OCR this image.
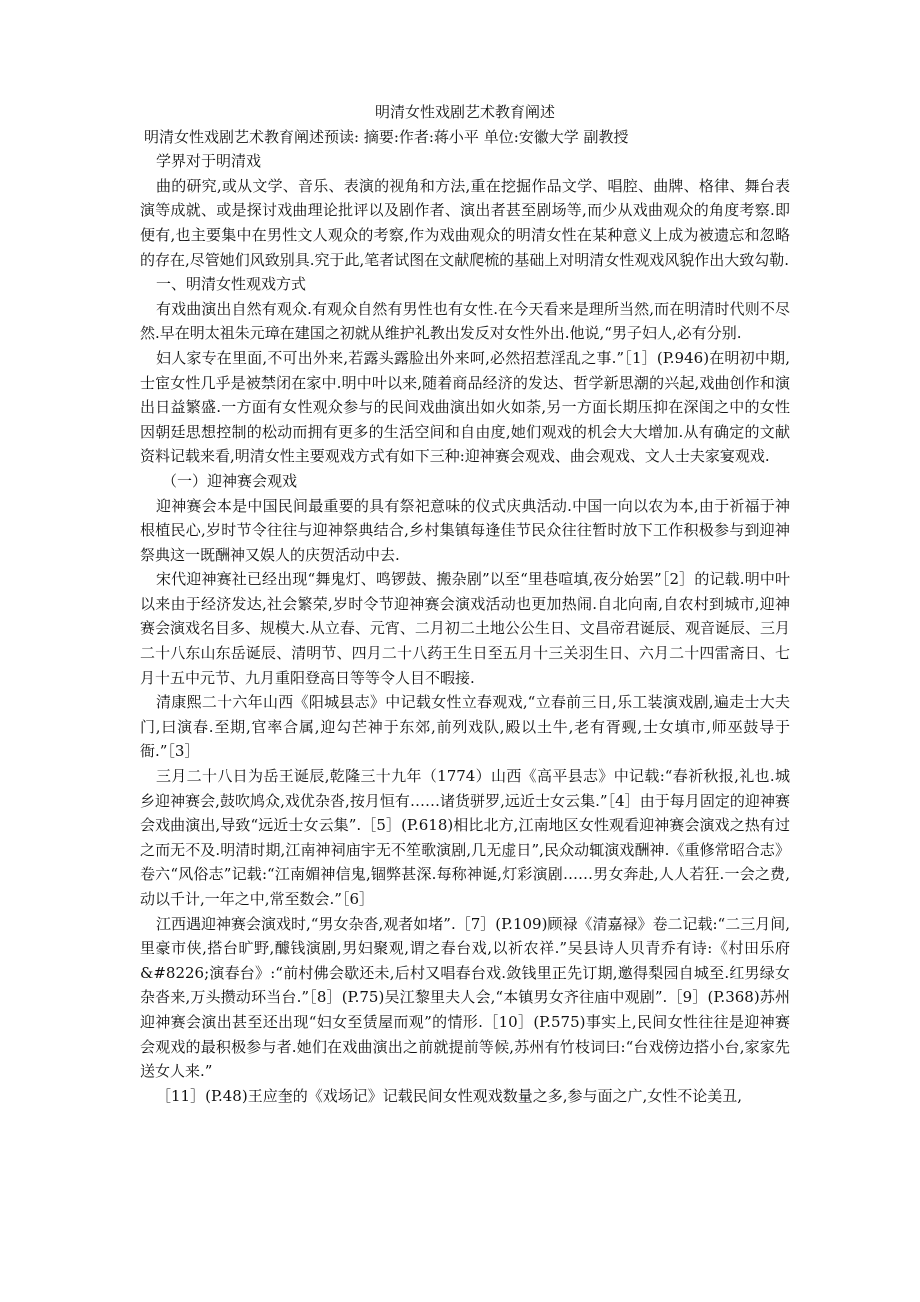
明清女性戏剧艺术教育阐述

明清女性戏剧艺术教育阐述预读: 摘要:作者:蒋小平 单位:安徽大学 副教授

学界对于明清戏

曲的研究,或从文学、音乐、表演的视角和方法,重在挖掘作品文学、唱腔、曲牌、格律、舞台表演等成就、或是探讨戏曲理论批评以及剧作者、演出者甚至剧场等,而少从戏曲观众的角度考察.即便有,也主要集中在男性文人观众的考察,作为戏曲观众的明清女性在某种意义上成为被遗忘和忽略的存在,尽管她们风致别具.究于此,笔者试图在文献爬梳的基础上对明清女性观戏风貌作出大致勾勒.

一、明清女性观戏方式

有戏曲演出自然有观众.有观众自然有男性也有女性.在今天看来是理所当然,而在明清时代则不尽然.早在明太祖朱元璋在建国之初就从维护礼教出发反对女性外出.他说,“男子妇人,必有分别.

妇人家专在里面,不可出外来,若露头露脸出外来呵,必然招惹淫乱之事.”［1］(P.946)在明初中期,士宦女性几乎是被禁闭在家中.明中叶以来,随着商品经济的发达、哲学新思潮的兴起,戏曲创作和演出日益繁盛.一方面有女性观众参与的民间戏曲演出如火如荼,另一方面长期压抑在深闺之中的女性因朝廷思想控制的松动而拥有更多的生活空间和自由度,她们观戏的机会大大增加.从有确定的文献资料记载来看,明清女性主要观戏方式有如下三种:迎神赛会观戏、曲会观戏、文人士夫家宴观戏.

（一）迎神赛会观戏

迎神赛会本是中国民间最重要的具有祭祀意味的仪式庆典活动.中国一向以农为本,由于祈福于神根植民心,岁时节令往往与迎神祭典结合,乡村集镇每逢佳节民众往往暂时放下工作积极参与到迎神祭典这一既酬神又娱人的庆贺活动中去.

宋代迎神赛社已经出现“舞鬼灯、鸣锣鼓、搬杂剧”以至“里巷喧填,夜分始罢”［2］的记载.明中叶以来由于经济发达,社会繁荣,岁时令节迎神赛会演戏活动也更加热闹.自北向南,自农村到城市,迎神赛会演戏名目多、规模大.从立春、元宵、二月初二土地公公生日、文昌帝君诞辰、观音诞辰、三月二十八东山东岳诞辰、清明节、四月二十八药王生日至五月十三关羽生日、六月二十四雷斋日、七月十五中元节、九月重阳登高日等等令人目不暇接.

清康熙二十六年山西《阳城县志》中记载女性立春观戏,“立春前三日,乐工装演戏剧,遍走士大夫门,曰演春.至期,官率合属,迎勾芒神于东郊,前列戏队,殿以土牛,老有胥觋,士女填市,师巫鼓导于衙.”［3］

三月二十八日为岳王诞辰,乾隆三十九年（1774）山西《高平县志》中记载:“春祈秋报,礼也.城乡迎神赛会,鼓吹鸠众,戏优杂沓,按月恒有……诸货骈罗,远近士女云集.”［4］由于每月固定的迎神赛会戏曲演出,导致“远近士女云集”.［5］(P.618)相比北方,江南地区女性观看迎神赛会演戏之热有过之而无不及.明清时期,江南神祠庙宇无不笙歌演剧,几无虚日”,民众动辄演戏酬神.《重修常昭合志》卷六“风俗志”记载:“江南媚神信鬼,锢弊甚深.每称神诞,灯彩演剧……男女奔赴,人人若狂.一会之费,动以千计,一年之中,常至数会.”［6］

江西遇迎神赛会演戏时,“男女杂沓,观者如堵”.［7］(P.109)顾禄《清嘉禄》卷二记载:“二三月间,里豪市侠,搭台旷野,醵钱演剧,男妇聚观,谓之春台戏,以祈农祥.”吴县诗人贝青乔有诗:《村田乐府&#8226;演春台》:“前村佛会歇还未,后村又唱春台戏.敛钱里正先订期,邀得梨园自城至.红男绿女杂沓来,万头攒动环当台.”［8］(P.75)吴江黎里夫人会,“本镇男女齐往庙中观剧”.［9］(P.368)苏州迎神赛会演出甚至还出现“妇女至赁屋而观”的情形.［10］(P.575)事实上,民间女性往往是迎神赛会观戏的最积极参与者.她们在戏曲演出之前就提前等候,苏州有竹枝词曰:“台戏傍边搭小台,家家先送女人来.”

［11］(P.48)王应奎的《戏场记》记载民间女性观戏数量之多,参与面之广,女性不论美丑,
